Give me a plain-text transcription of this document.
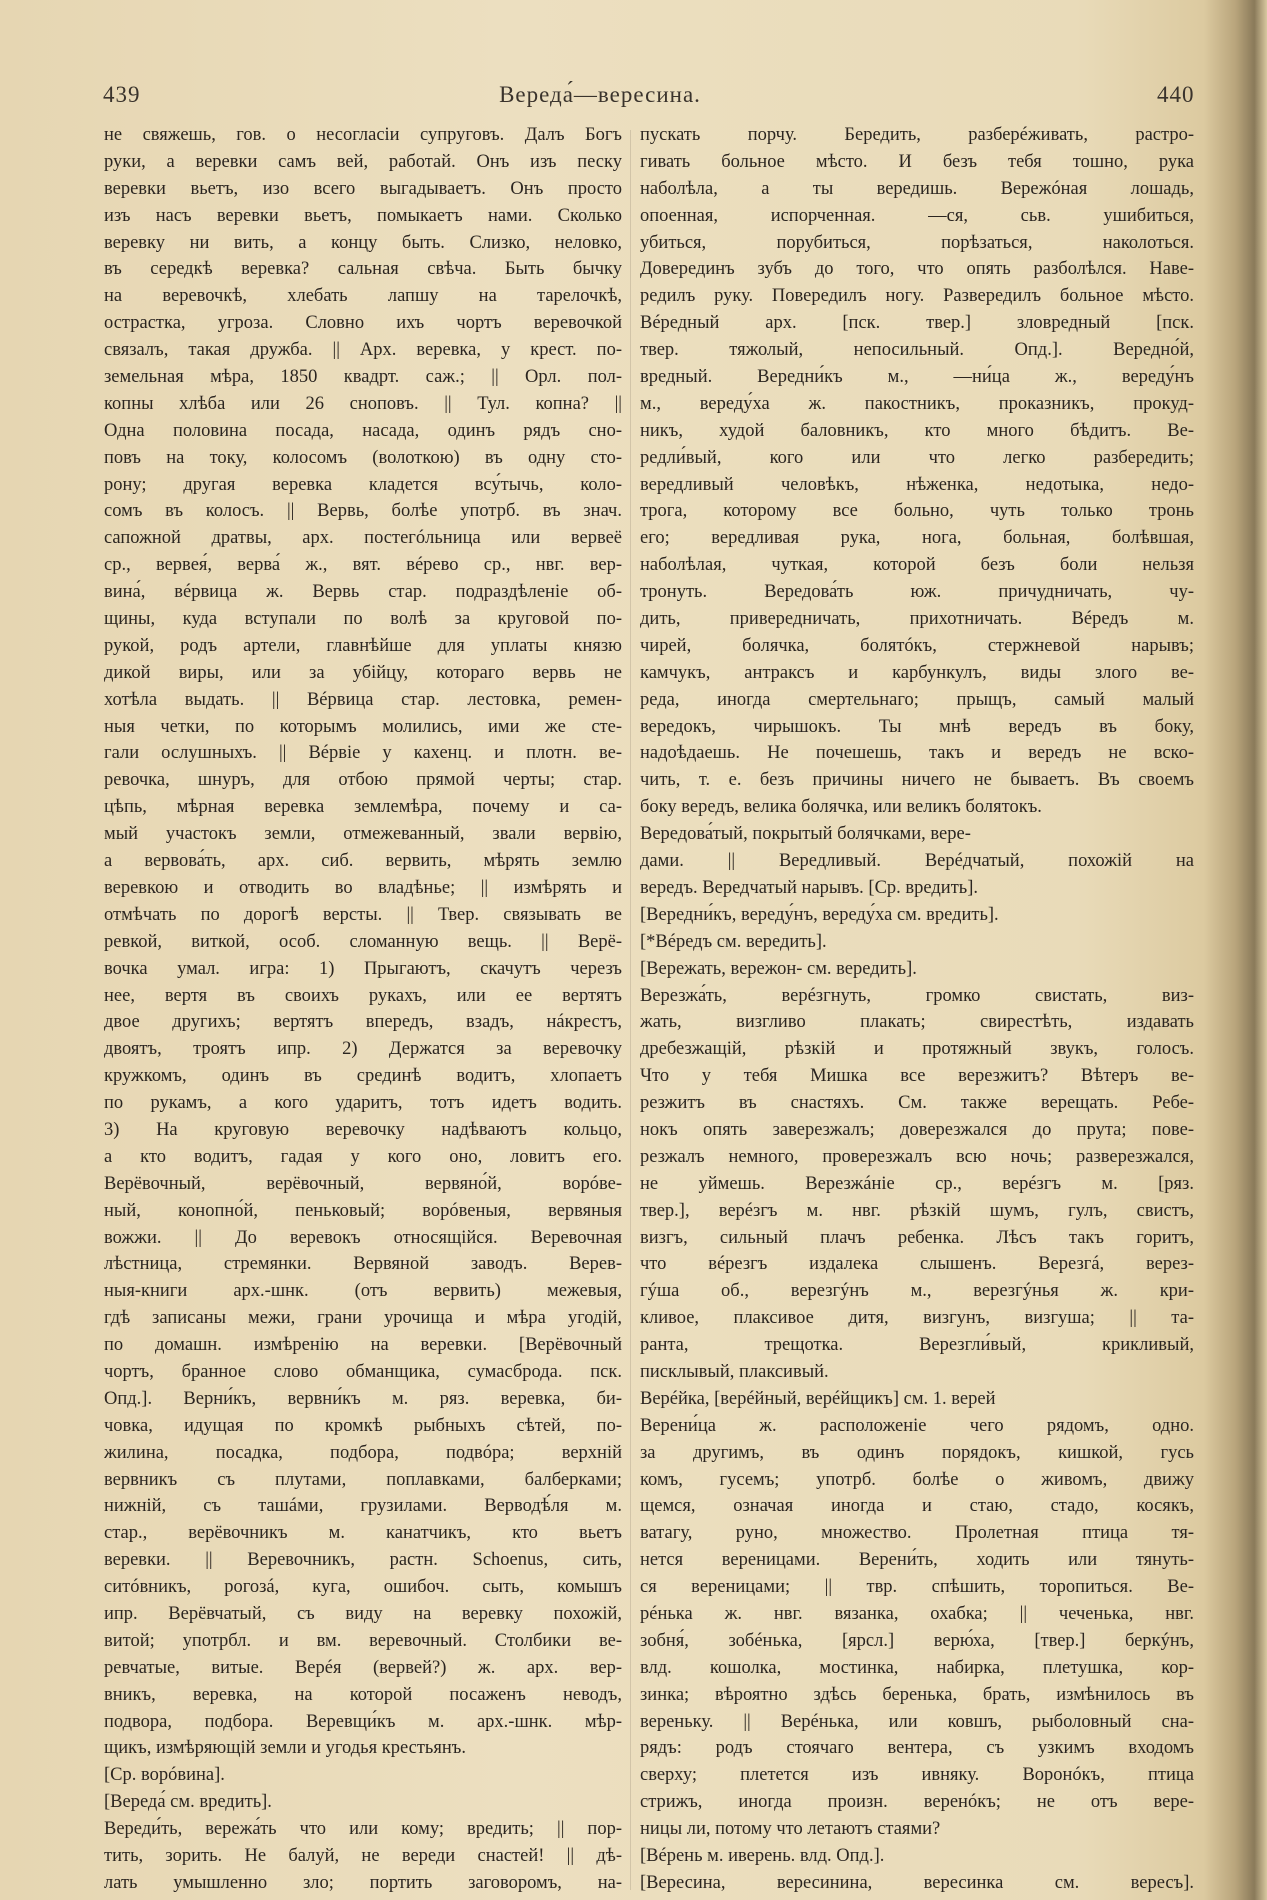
439	Вереда́—вересина.	440
не свяжешь, гов. о несогласіи супруговъ. Далъ Богъ
руки, а веревки самъ вей, работай. Онъ изъ песку
веревки вьетъ, изо всего выгадываетъ. Онъ просто
изъ насъ веревки вьетъ, помыкаетъ нами. Сколько
веревку ни вить, а концу быть. Слизко, неловко,
въ середкѣ веревка? сальная свѣча. Быть бычку
на веревочкѣ, хлебать лапшу на тарелочкѣ,
острастка, угроза. Словно ихъ чортъ веревочкой
связалъ, такая дружба. || Арх. веревка, у крест. по-
земельная мѣра, 1850 квадрт. саж.; || Орл. пол-
копны хлѣба или 26 сноповъ. || Тул. копна? ||
Одна половина посада, насада, одинъ рядъ сно-
повъ на току, колосомъ (волоткою) въ одну сто-
рону; другая веревка кладется всу́тычь, коло-
сомъ въ колосъ. || Вервь, болѣе употрб. въ знач.
сапожной дратвы, арх. постегóльница или вервеё
ср., вервея́, верва́ ж., вят. вéрево ср., нвг. вер-
вина́, вéрвица ж. Вервь стар. подраздѣленіе об-
щины, куда вступали по волѣ за круговой по-
рукой, родъ артели, главнѣйше для уплаты князю
дикой виры, или за убійцу, котораго вервь не
хотѣла выдать. || Вéрвица стар. лестовка, ремен-
ныя четки, по которымъ молились, ими же сте-
гали ослушныхъ. || Вéрвіе у кахенц. и плотн. ве-
ревочка, шнуръ, для отбою прямой черты; стар.
цѣпь, мѣрная веревка землемѣра, почему и са-
мый участокъ земли, отмежеванный, звали вервію,
а вервова́ть, арх. сиб. вервить, мѣрять землю
веревкою и отводить во владѣнье; || измѣрять и
отмѣчать по дорогѣ версты. || Твер. связывать ве
ревкой, виткой, особ. сломанную вещь. || Верё-
вочка умал. игра: 1) Прыгаютъ, скачутъ черезъ
нее, вертя въ своихъ рукахъ, или ее вертятъ
двое другихъ; вертятъ впередъ, взадъ, нáкрестъ,
двоятъ, троятъ ипр. 2) Держатся за веревочку
кружкомъ, одинъ въ срединѣ водитъ, хлопаетъ
по рукамъ, а кого ударитъ, тотъ идетъ водить.
3) На круговую веревочку надѣваютъ кольцо,
а кто водитъ, гадая у кого оно, ловитъ его.
Верёвочный, верёвочный, вервяно́й, ворóве-
ный, конопно́й, пеньковый; ворóвеныя, вервяныя
вожжи. || До веревокъ относящійся. Веревочная
лѣстница, стремянки. Вервяной заводъ. Верев-
ныя-книги арх.-шнк. (отъ вервить) межевыя,
гдѣ записаны межи, грани урочища и мѣра угодій,
по домашн. измѣренію на веревки. [Верёвочный
чортъ, бранное слово обманщика, сумасброда. пск.
Опд.]. Верни́къ, вервни́къ м. ряз. веревка, би-
човка, идущая по кромкѣ рыбныхъ сѣтей, по-
жилина, посадка, подбора, подвóра; верхній
вервникъ съ плутами, поплавками, балберками;
нижній, съ ташáми, грузилами. Верводѣ́ля м.
стар., верёвочникъ м. канатчикъ, кто вьетъ
веревки. || Веревочникъ, растн. Schoenus, сить,
ситóвникъ, рогозá, куга, ошибоч. сыть, комышъ
ипр. Верёвчатый, съ виду на веревку похожій,
витой; употрбл. и вм. веревочный. Столбики ве-
ревчатые, витые. Верéя (вервей?) ж. арх. вер-
вникъ, веревка, на которой посаженъ неводъ,
подвора, подбора. Веревщи́къ м. арх.-шнк. мѣр-
щикъ, измѣряющій земли и угодья крестьянъ.
[Ср. ворóвина].
[Вереда́ см. вредить].
Вереди́ть, вережа́ть что или кому; вредить; || пор-
тить, зорить. Не балуй, не вереди снастей! || дѣ-
лать умышленно зло; портить заговоромъ, на-
пускать порчу. Бередить, разберéживать, растро-
гивать больное мѣсто. И безъ тебя тошно, рука
наболѣла, а ты вередишь. Вережóная лошадь,
опоенная, испорченная. —ся, сьв. ушибиться,
убиться, порубиться, порѣзаться, наколоться.
Доверединъ зубъ до того, что опять разболѣлся. Наве-
редилъ руку. Повередилъ ногу. Развередилъ больное мѣсто.
Вéредный арх. [пск. твер.] зловредный [пск.
твер. тяжолый, непосильный. Опд.]. Вередно́й,
вредный. Вередни́къ м., —ни́ца ж., вереду́нъ
м., вереду́ха ж. пакостникъ, проказникъ, прокуд-
никъ, худой баловникъ, кто много бѣдитъ. Ве-
редли́вый, кого или что легко разбередить;
вередливый человѣкъ, нѣженка, недотыка, недо-
трога, которому все больно, чуть только тронь
его; вередливая рука, нога, больная, болѣвшая,
наболѣлая, чуткая, которой безъ боли нельзя
тронуть. Вередова́ть юж. причудничать, чу-
дить, привередничать, прихотничать. Вéредъ м.
чирей, болячка, болятóкъ, стержневой нарывъ;
камчукъ, антраксъ и карбункулъ, виды злого ве-
реда, иногда смертельнаго; прыщъ, самый малый
вередокъ, чирышокъ. Ты мнѣ вередъ въ боку,
надоѣдаешь. Не почешешь, такъ и вередъ не вско-
чить, т. е. безъ причины ничего не бываетъ. Въ своемъ
боку вередъ, велика болячка, или великъ болятокъ.
Вередова́тый, покрытый болячками, вере-
дами. || Вередливый. Верéдчатый, похожій на
вередъ. Вередчатый нарывъ. [Ср. вредить].
[Вередни́къ, вереду́нъ, вереду́ха см. вредить].
[*Вéредъ см. вередить].
[Вережать, вережон- см. вередить].
Верезжа́ть, верéзгнуть, громко свистать, виз-
жать, визгливо плакать; свирестѣть, издавать
дребезжащій, рѣзкій и протяжный звукъ, голосъ.
Что у тебя Мишка все верезжитъ? Вѣтеръ ве-
резжитъ въ снастяхъ. См. также верещать. Ребе-
нокъ опять заверезжалъ; доверезжался до прута; пове-
резжалъ немного, проверезжалъ всю ночь; разверезжался,
не уймешь. Верезжáніе ср., верéзгъ м. [ряз.
твер.], верéзгъ м. нвг. рѣзкій шумъ, гулъ, свистъ,
визгъ, сильный плачъ ребенка. Лѣсъ такъ горитъ,
что вéрезгъ издалека слышенъ. Верезгá, верез-
гýша об., верезгýнъ м., верезгýнья ж. кри-
кливое, плаксивое дитя, визгунъ, визгуша; || та-
ранта, трещотка. Верезгли́вый, крикливый,
писклывый, плаксивый.
Верéйка, [верéйный, верéйщикъ] см. 1. верей
Верени́ца ж. расположеніе чего рядомъ, одно.
за другимъ, въ одинъ порядокъ, кишкой, гусь
комъ, гусемъ; употрб. болѣе о живомъ, движу
щемся, означая иногда и стаю, стадо, косякъ,
ватагу, руно, множество. Пролетная птица тя-
нется вереницами. Верени́ть, ходить или тянуть-
ся вереницами; || твр. спѣшить, торопиться. Ве-
рéнька ж. нвг. вязанка, охабка; || чеченька, нвг.
зобня́, зобéнька, [ярсл.] верю́ха, [твер.] беркýнъ,
влд. кошолка, мостинка, набирка, плетушка, кор-
зинка; вѣроятно здѣсь беренька, брать, измѣнилось въ
вереньку. || Верéнька, или ковшъ, рыболовный сна-
рядъ: родъ стоячаго вентера, съ узкимъ входомъ
сверху; плетется изъ ивняку. Воронóкъ, птица
стрижъ, иногда произн. веренóкъ; не отъ вере-
ницы ли, потому что летаютъ стаями?
[Вéрень м. иверень. влд. Опд.].
[Вересина, вересинина, вересинка см. вересъ].
